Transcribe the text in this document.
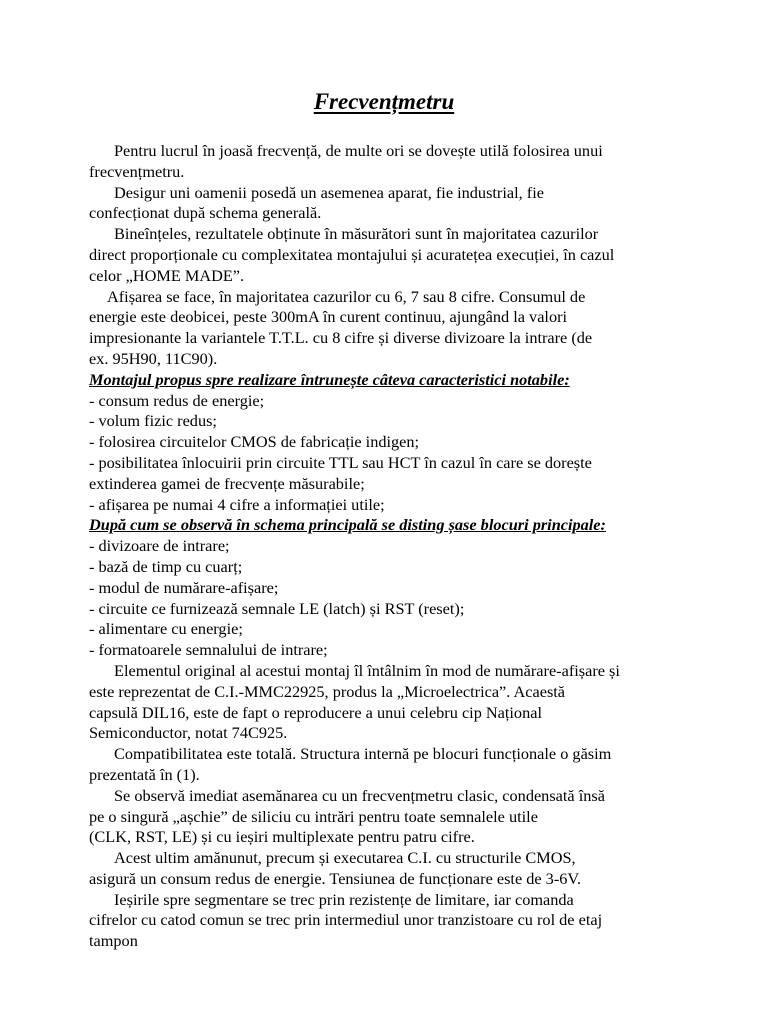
Frecvențmetru
Pentru lucrul în joasă frecvență, de multe ori se dovește utilă folosirea unui
frecvențmetru.
Desigur uni oamenii posedă un asemenea aparat, fie industrial, fie
confecționat după schema generală.
Bineînțeles, rezultatele obținute în măsurători sunt în majoritatea cazurilor
direct proporționale cu complexitatea montajului și acuratețea execuției, în cazul
celor „HOME MADE”.
Afișarea se face, în majoritatea cazurilor cu 6, 7 sau 8 cifre. Consumul de
energie este deobicei, peste 300mA în curent continuu, ajungând la valori
impresionante la variantele T.T.L. cu 8 cifre și diverse divizoare la intrare (de
ex. 95H90, 11C90).
Montajul propus spre realizare întrunește câteva caracteristici notabile:
- consum redus de energie;
- volum fizic redus;
- folosirea circuitelor CMOS de fabricație indigen;
- posibilitatea înlocuirii prin circuite TTL sau HCT în cazul în care se dorește
extinderea gamei de frecvențe măsurabile;
- afișarea pe numai 4 cifre a informației utile;
După cum se observă în schema principală se disting șase blocuri principale:
- divizoare de intrare;
- bază de timp cu cuarț;
- modul de numărare-afișare;
- circuite ce furnizează semnale LE (latch) și RST (reset);
- alimentare cu energie;
- formatoarele semnalului de intrare;
Elementul original al acestui montaj îl întâlnim în mod de numărare-afișare și
este reprezentat de C.I.-MMC22925, produs la „Microelectrica”. Acaestă
capsulă DIL16, este de fapt o reproducere a unui celebru cip Național
Semiconductor, notat 74C925.
Compatibilitatea este totală. Structura internă pe blocuri funcționale o găsim
prezentată în (1).
Se observă imediat asemănarea cu un frecvențmetru clasic, condensată însă
pe o singură „așchie” de siliciu cu intrări pentru toate semnalele utile
(CLK, RST, LE) și cu ieșiri multiplexate pentru patru cifre.
Acest ultim amănunut, precum și executarea C.I. cu structurile CMOS,
asigură un consum redus de energie. Tensiunea de funcționare este de 3-6V.
Ieșirile spre segmentare se trec prin rezistențe de limitare, iar comanda
cifrelor cu catod comun se trec prin intermediul unor tranzistoare cu rol de etaj
tampon
